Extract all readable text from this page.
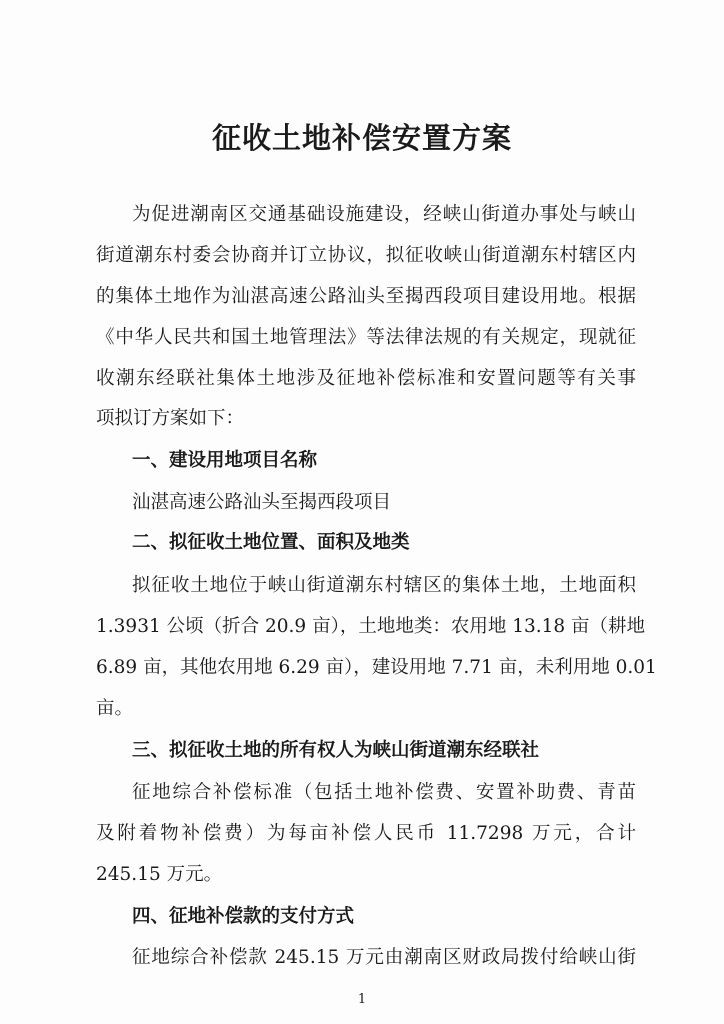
征收土地补偿安置方案
为促进潮南区交通基础设施建设，经峡山街道办事处与峡山
街道潮东村委会协商并订立协议，拟征收峡山街道潮东村辖区内
的集体土地作为汕湛高速公路汕头至揭西段项目建设用地。根据
《中华人民共和国土地管理法》等法律法规的有关规定，现就征
收潮东经联社集体土地涉及征地补偿标准和安置问题等有关事
项拟订方案如下：
一、建设用地项目名称
汕湛高速公路汕头至揭西段项目
二、拟征收土地位置、面积及地类
拟征收土地位于峡山街道潮东村辖区的集体土地，土地面积
1.3931 公顷（折合 20.9 亩），土地地类：农用地 13.18 亩（耕地
6.89 亩，其他农用地 6.29 亩），建设用地 7.71 亩，未利用地 0.01
亩。
三、拟征收土地的所有权人为峡山街道潮东经联社
征地综合补偿标准（包括土地补偿费、安置补助费、青苗
及附着物补偿费）为每亩补偿人民币 11.7298 万元，合计
245.15 万元。
四、征地补偿款的支付方式
征地综合补偿款 245.15 万元由潮南区财政局拨付给峡山街
1
